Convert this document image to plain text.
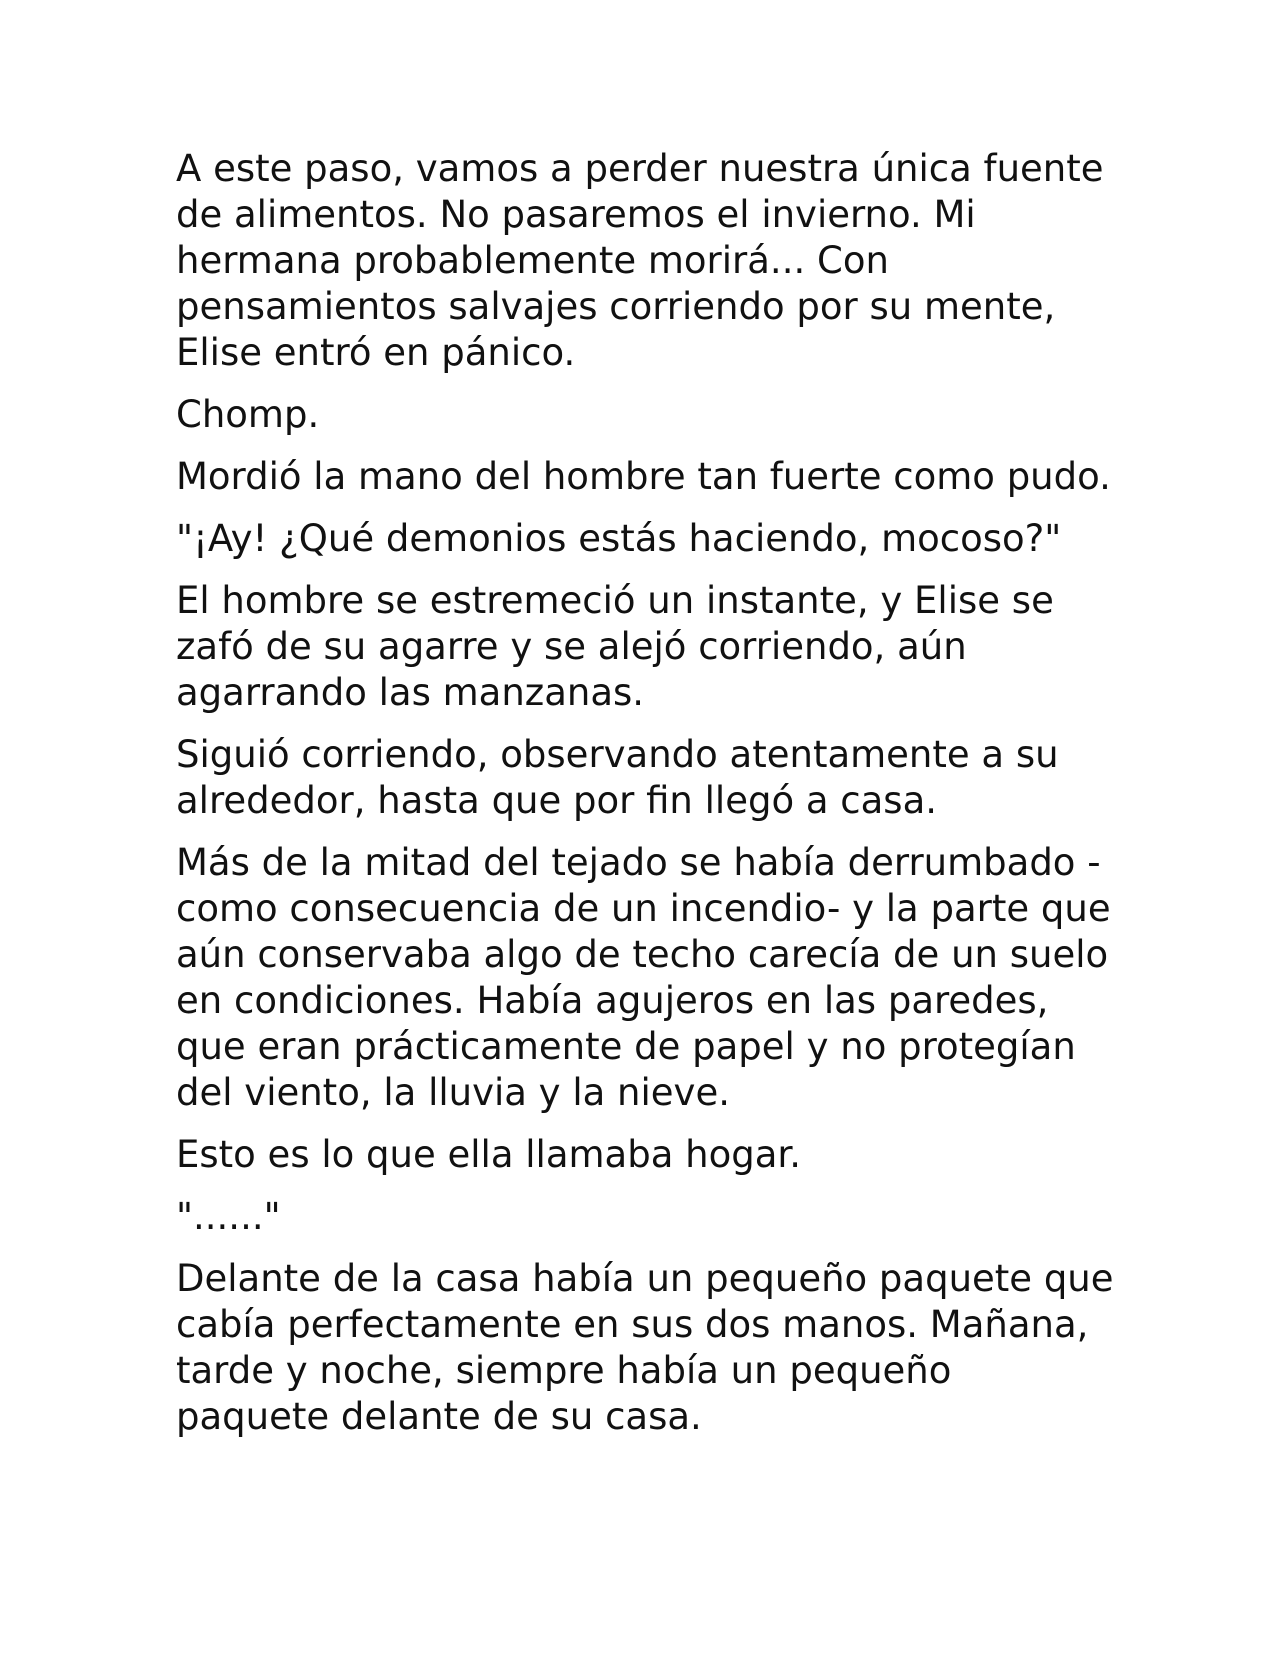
A este paso, vamos a perder nuestra única fuente de alimentos. No pasaremos el invierno. Mi hermana probablemente morirá... Con pensamientos salvajes corriendo por su mente, Elise entró en pánico.

Chomp.

Mordió la mano del hombre tan fuerte como pudo.

"¡Ay! ¿Qué demonios estás haciendo, mocoso?"

El hombre se estremeció un instante, y Elise se zafó de su agarre y se alejó corriendo, aún agarrando las manzanas.

Siguió corriendo, observando atentamente a su alrededor, hasta que por fin llegó a casa.

Más de la mitad del tejado se había derrumbado -como consecuencia de un incendio- y la parte que aún conservaba algo de techo carecía de un suelo en condiciones. Había agujeros en las paredes, que eran prácticamente de papel y no protegían del viento, la lluvia y la nieve.

Esto es lo que ella llamaba hogar.

"......"

Delante de la casa había un pequeño paquete que cabía perfectamente en sus dos manos. Mañana, tarde y noche, siempre había un pequeño paquete delante de su casa.
